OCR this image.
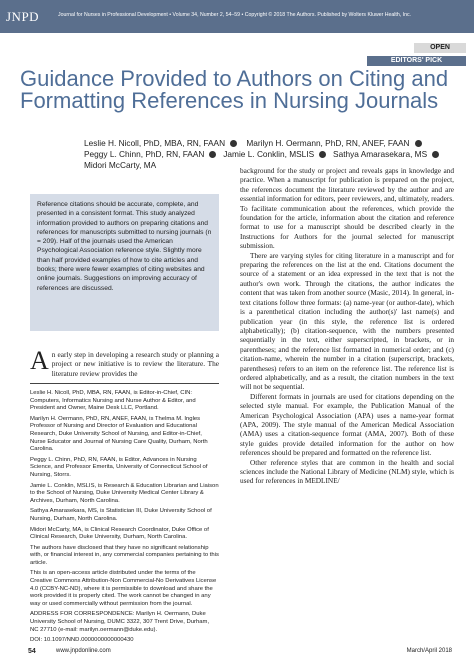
JNPD	Journal for Nurses in Professional Development • Volume 34, Number 2, 54–59 • Copyright © 2018 The Authors. Published by Wolters Kluwer Health, Inc.
OPEN
EDITORS' PICK
Guidance Provided to Authors on Citing and Formatting References in Nursing Journals
Leslie H. Nicoll, PhD, MBA, RN, FAAN	Marilyn H. Oermann, PhD, RN, ANEF, FAAN
Peggy L. Chinn, PhD, RN, FAAN Jamie L. Conklin, MSLIS Sathya Amarasekara, MS
Midori McCarty, MA
Reference citations should be accurate, complete, and presented in a consistent format. This study analyzed information provided to authors on preparing citations and references for manuscripts submitted to nursing journals (n = 209). Half of the journals used the American Psychological Association reference style. Slightly more than half provided examples of how to cite articles and books; there were fewer examples of citing websites and online journals. Suggestions on improving accuracy of references are discussed.
An early step in developing a research study or planning a project or new initiative is to review the literature. The literature review provides the

Leslie H. Nicoll, PhD, MBA, RN, FAAN, is Editor-in-Chief, CIN: Computers, Informatics Nursing and Nurse Author & Editor, and President and Owner, Maine Desk LLC, Portland.

Marilyn H. Oermann, PhD, RN, ANEF, FAAN, is Thelma M. Ingles Professor of Nursing and Director of Evaluation and Educational Research, Duke University School of Nursing, and Editor-in-Chief, Nurse Educator and Journal of Nursing Care Quality, Durham, North Carolina.

Peggy L. Chinn, PhD, RN, FAAN, is Editor, Advances in Nursing Science, and Professor Emerita, University of Connecticut School of Nursing, Storrs.

Jamie L. Conklin, MSLIS, is Research & Education Librarian and Liaison to the School of Nursing, Duke University Medical Center Library & Archives, Durham, North Carolina.

Sathya Amarasekara, MS, is Statistician III, Duke University School of Nursing, Durham, North Carolina.

Midori McCarty, MA, is Clinical Research Coordinator, Duke Office of Clinical Research, Duke University, Durham, North Carolina.

The authors have disclosed that they have no significant relationship with, or financial interest in, any commercial companies pertaining to this article.

This is an open-access article distributed under the terms of the Creative Commons Attribution-Non Commercial-No Derivatives License 4.0 (CCBY-NC-ND), where it is permissible to download and share the work provided it is properly cited. The work cannot be changed in any way or used commercially without permission from the journal.

ADDRESS FOR CORRESPONDENCE: Marilyn H. Oermann, Duke University School of Nursing, DUMC 3322, 307 Trent Drive, Durham, NC 27710 (e-mail: marilyn.oermann@duke.edu).

DOI: 10.1097/NND.0000000000000430

background for the study or project and reveals gaps in knowledge and practice. When a manuscript for publication is prepared on the project, the references document the literature reviewed by the author and are essential information for editors, peer reviewers, and, ultimately, readers. To facilitate communication about the references, which provide the foundation for the article, information about the citation and reference format to use for a manuscript should be described clearly in the Instructions for Authors for the journal selected for manuscript submission.

There are varying styles for citing literature in a manuscript and for preparing the references on the list at the end. Citations document the source of a statement or an idea expressed in the text that is not the author's own work. Through the citations, the author indicates the content that was taken from another source (Masic, 2014). In general, in-text citations follow three formats: (a) name-year (or author-date), which is a parenthetical citation including the author(s)' last name(s) and publication year (in this style, the reference list is ordered alphabetically); (b) citation-sequence, with the numbers presented sequentially in the text, either superscripted, in brackets, or in parentheses; and the reference list formatted in numerical order; and (c) citation-name, wherein the number in a citation (superscript, brackets, parentheses) refers to an item on the reference list. The reference list is ordered alphabetically, and as a result, the citation numbers in the text will not be sequential.

Different formats in journals are used for citations depending on the selected style manual. For example, the Publication Manual of the American Psychological Association (APA) uses a name-year format (APA, 2009). The style manual of the American Medical Association (AMA) uses a citation-sequence format (AMA, 2007). Both of these style guides provide detailed information for the author on how references should be prepared and formatted on the reference list.

Other reference styles that are common in the health and social sciences include the National Library of Medicine (NLM) style, which is used for references in MEDLINE/

54	www.jnpdonline.com	March/April 2018
